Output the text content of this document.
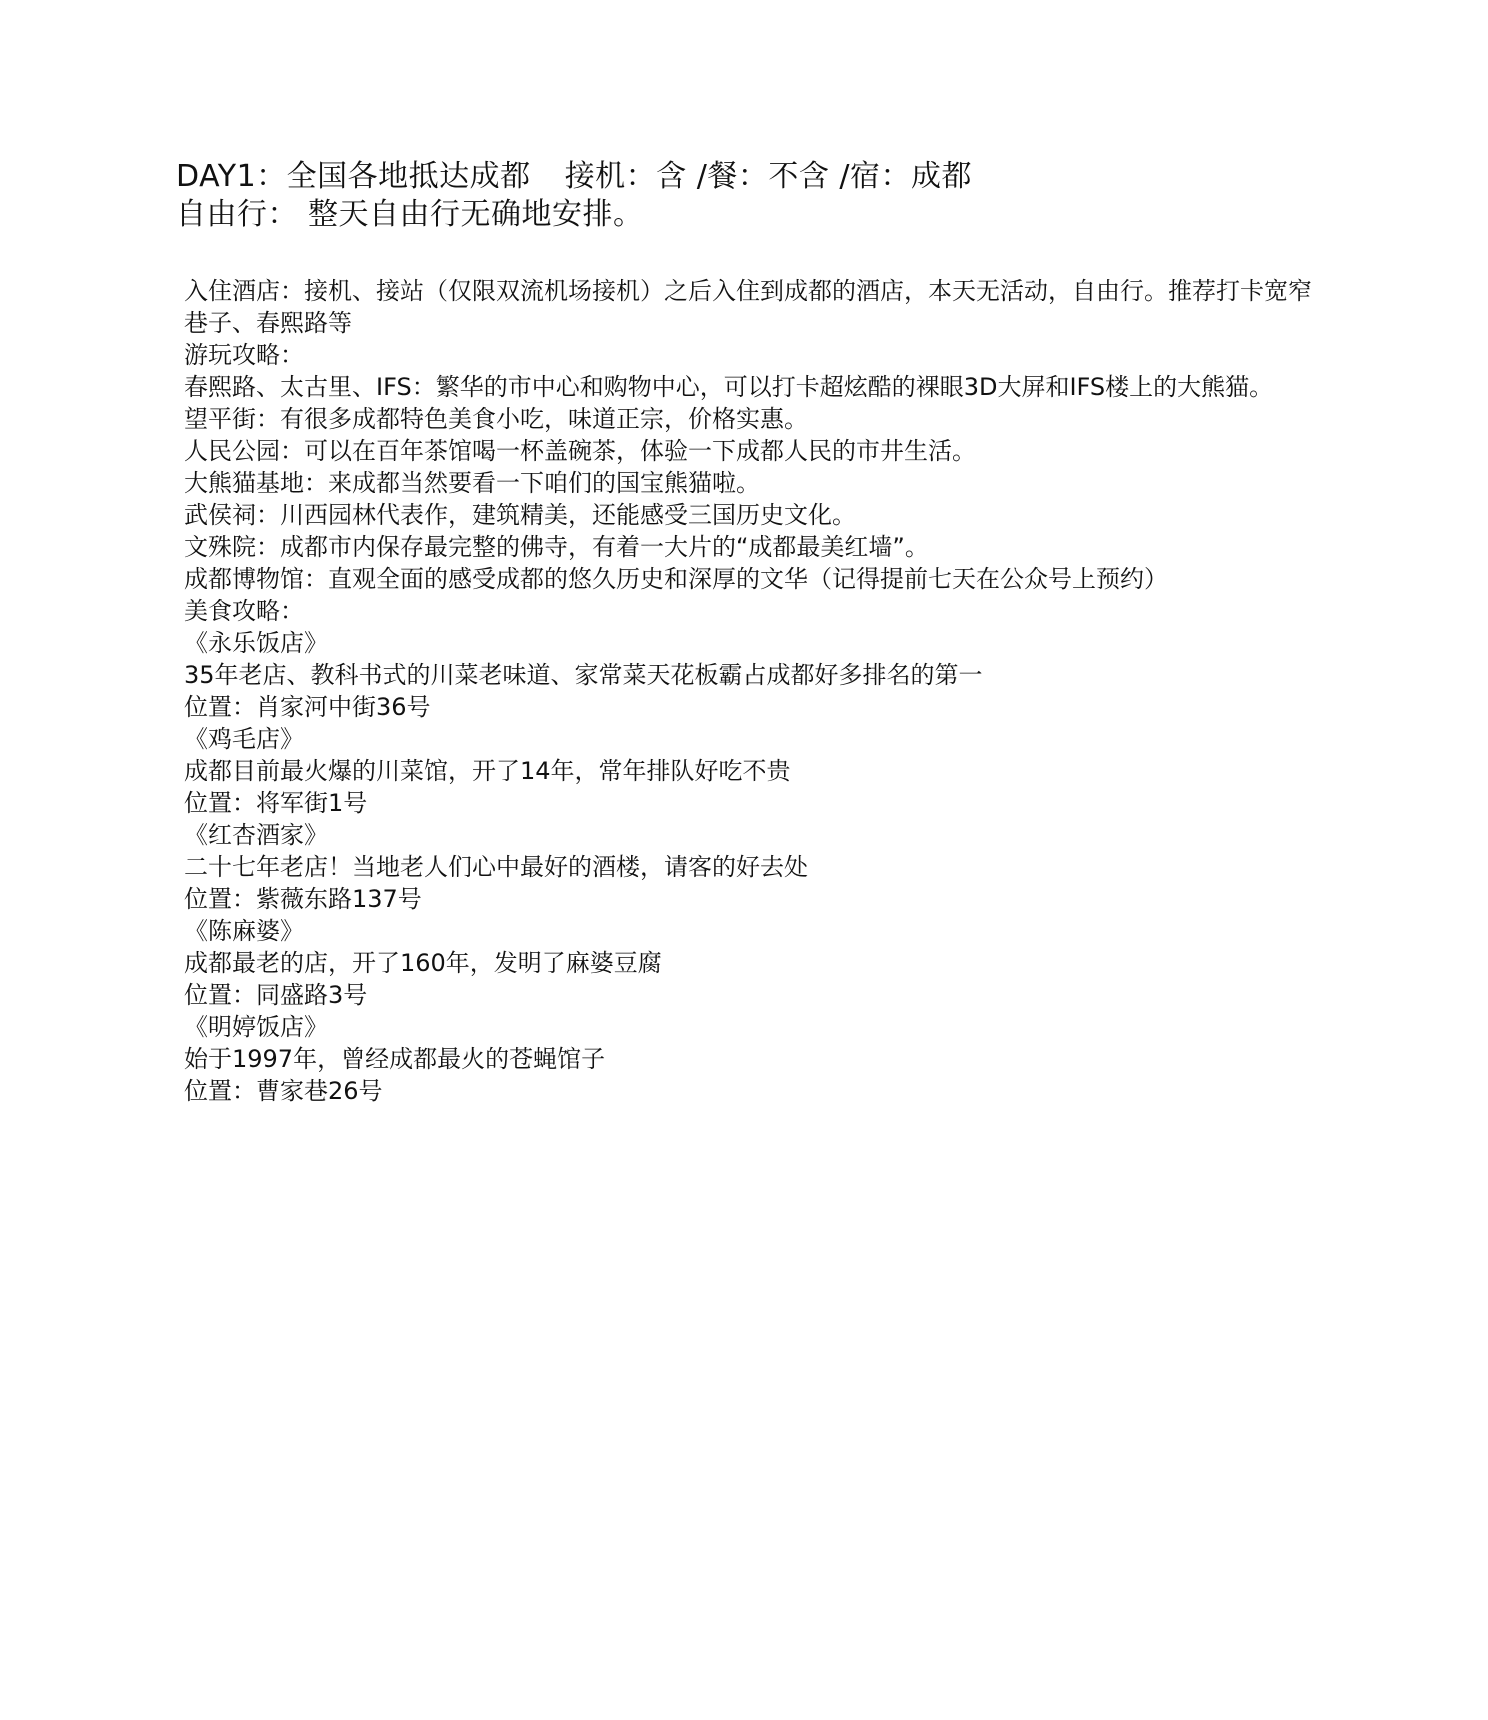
DAY1：全国各地抵达成都 接机：含 /餐：不含 /宿：成都
自由行： 整天自由行无确地安排。

入住酒店：接机、接站（仅限双流机场接机）之后入住到成都的酒店，本天无活动，自由行。推荐打卡宽窄巷子、春熙路等

游玩攻略：

春熙路、太古里、IFS：繁华的市中心和购物中心，可以打卡超炫酷的裸眼3D大屏和IFS楼上的大熊猫。

望平街：有很多成都特色美食小吃，味道正宗，价格实惠。

人民公园：可以在百年茶馆喝一杯盖碗茶，体验一下成都人民的市井生活。

大熊猫基地：来成都当然要看一下咱们的国宝熊猫啦。

武侯祠：川西园林代表作，建筑精美，还能感受三国历史文化。

文殊院：成都市内保存最完整的佛寺，有着一大片的“成都最美红墙”。

成都博物馆：直观全面的感受成都的悠久历史和深厚的文华（记得提前七天在公众号上预约）

美食攻略：

《永乐饭店》

35年老店、教科书式的川菜老味道、家常菜天花板霸占成都好多排名的第一

位置：肖家河中街36号

《鸡毛店》

成都目前最火爆的川菜馆，开了14年，常年排队好吃不贵

位置：将军街1号

《红杏酒家》

二十七年老店！当地老人们心中最好的酒楼，请客的好去处

位置：紫薇东路137号

《陈麻婆》

成都最老的店，开了160年，发明了麻婆豆腐

位置：同盛路3号

《明婷饭店》

始于1997年，曾经成都最火的苍蝇馆子

位置：曹家巷26号
